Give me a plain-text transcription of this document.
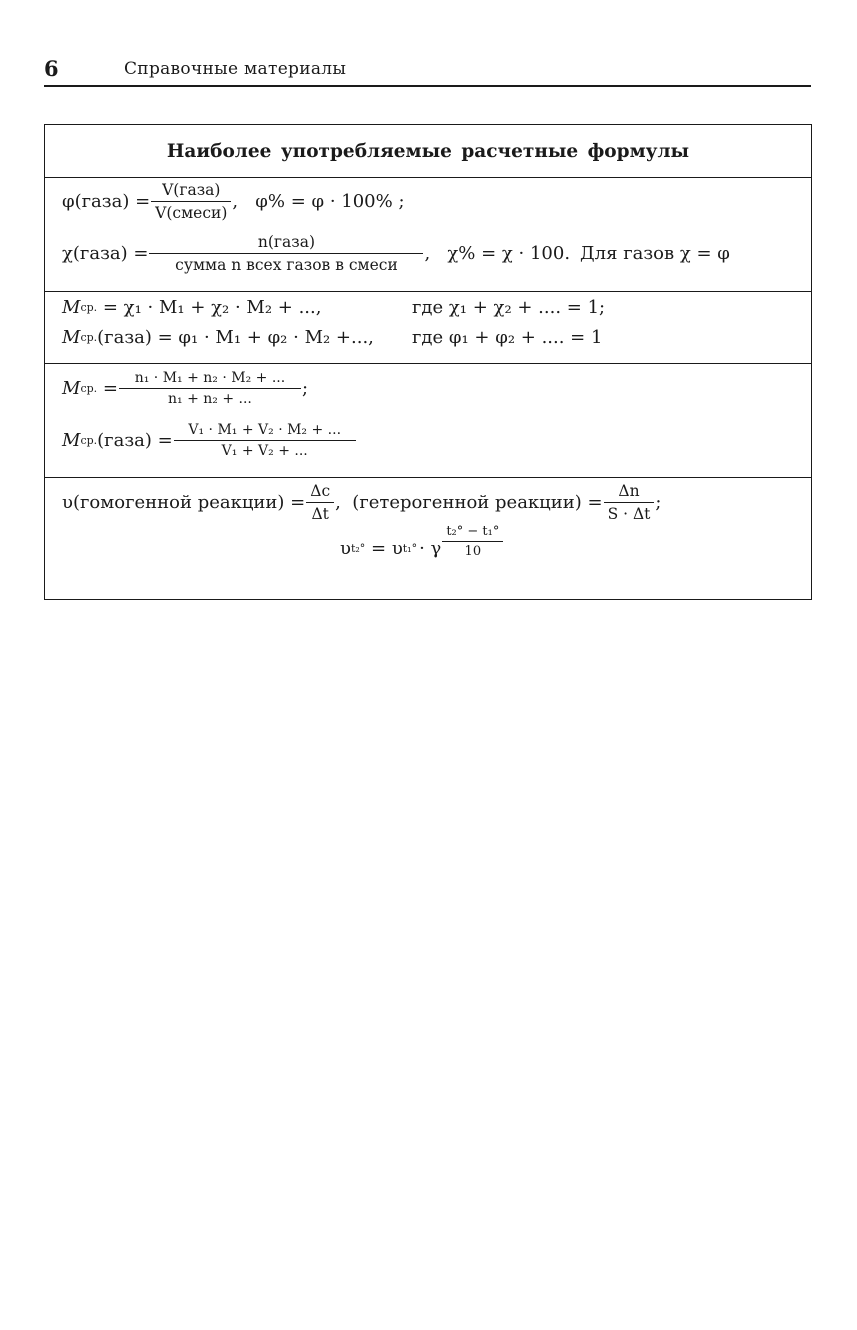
6	Справочные материалы
Наиболее употребляемые расчетные формулы
φ(газа) = $\frac{\text{V(газа)}}{\text{V(смеси)}}$ ,   φ% = φ · 100% ;
χ(газа) = $\frac{\text{n(газа)}}{\text{сумма n всех газов в смеси}}$ ,   χ% = χ · 100. Для газов χ = φ
M ср. = χ₁ · M₁ + χ₂ · M₂ + ...,	где χ₁ + χ₂ + .... = 1;
M ср. (газа) = φ₁ · M₁ + φ₂ · M₂ +..., где φ₁ + φ₂ + .... = 1
M ср. = $\frac{\text{n₁ · M₁ + n₂ · M₂ + ...}}{\text{n₁ + n₂ + ...}}$ ;
M ср. (газа) = $\frac{\text{V₁ · M₁ + V₂ · M₂ + ...}}{\text{V₁ + V₂ + ...}}$
υ(гомогенной реакции) = $\frac{\Delta c}{\Delta t}$ ,  (гетерогенной реакции) = $\frac{\Delta n}{S \cdot \Delta t}$ ;
υ t₂° = υ t₁° · γ $\frac{\text{t₂° − t₁°}}{10}$
